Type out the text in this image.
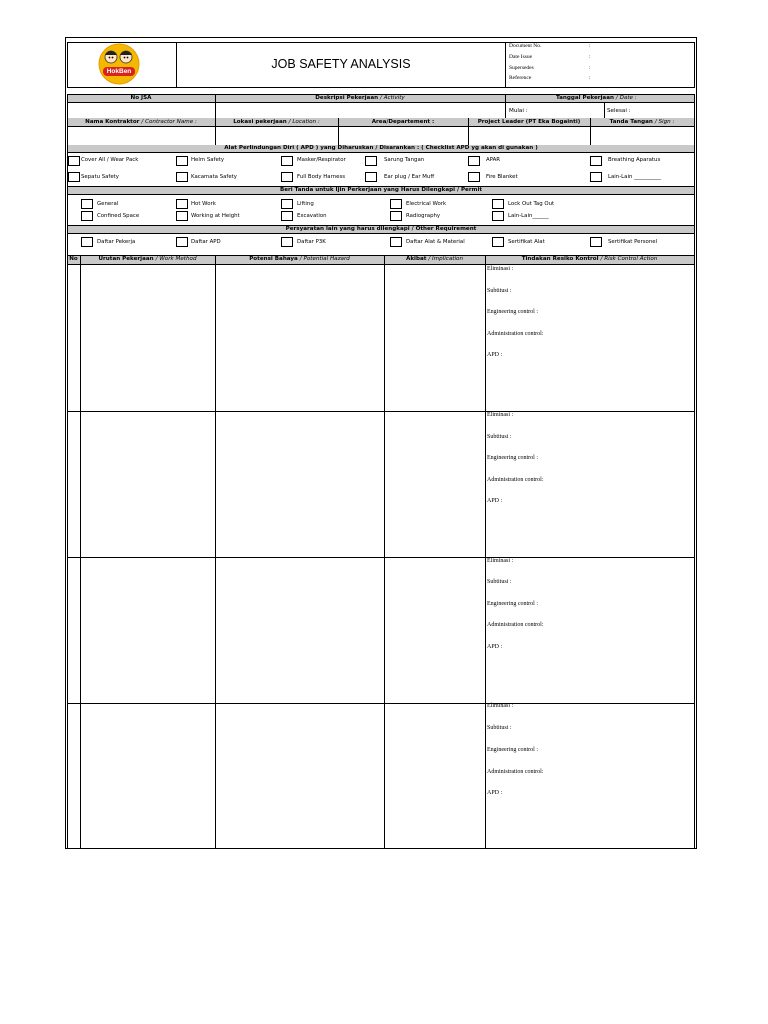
HokBen
JOB SAFETY ANALYSIS
Document No.	:
Date Issue	:
Supersedes	:
Reference	:
No JSA	Deskripsi Pekerjaan / Activity	Tanggal Pekerjaan / Date :
Mulai :	Selesai :
Nama Kontraktor / Contractor Name :	Lokasi pekerjaan / Location :	Area/Departement :	Project Leader (PT Eka Bogainti)	Tanda Tangan / Sign :
Alat Perlindungan Diri ( APD ) yang Diharuskan / Disarankan : ( Checklist APD yg akan di gunakan )
Cover All / Wear Pack	Helm Safety	Masker/Respirator	Sarung Tangan	APAR	Breathing Aparatus
Sepatu Safety	Kacamata Safety	Full Body Harness	Ear plug / Ear Muff	Fire Blanket	Lain-Lain __________
Beri Tanda untuk Ijin Perkerjaan yang Harus Dilengkapi / Permit
General	Hot Work	Lifting	Electrical Work	Lock Out Tag Out
Confined Space	Working at Height	Excavation	Radiography	Lain-Lain______
Persyaratan lain yang harus dilengkapi / Other Requirement
Daftar Pekerja	Daftar APD	Daftar P3K	Daftar Alat & Material	Sertifikat Alat	Sertifikat Personel
No	Urutan Pekerjaan / Work Method	Potensi Bahaya / Potential Hazard	Akibat / Implication	Tindakan Resiko Kontrol / Risk Control Action
Eliminasi :
Subtitusi :
Engineering control :
Administration control:
APD :
Eliminasi :
Subtitusi :
Engineering control :
Administration control:
APD :
Eliminasi :
Subtitusi :
Engineering control :
Administration control:
APD :
Eliminasi :
Subtitusi :
Engineering control :
Administration control:
APD :
